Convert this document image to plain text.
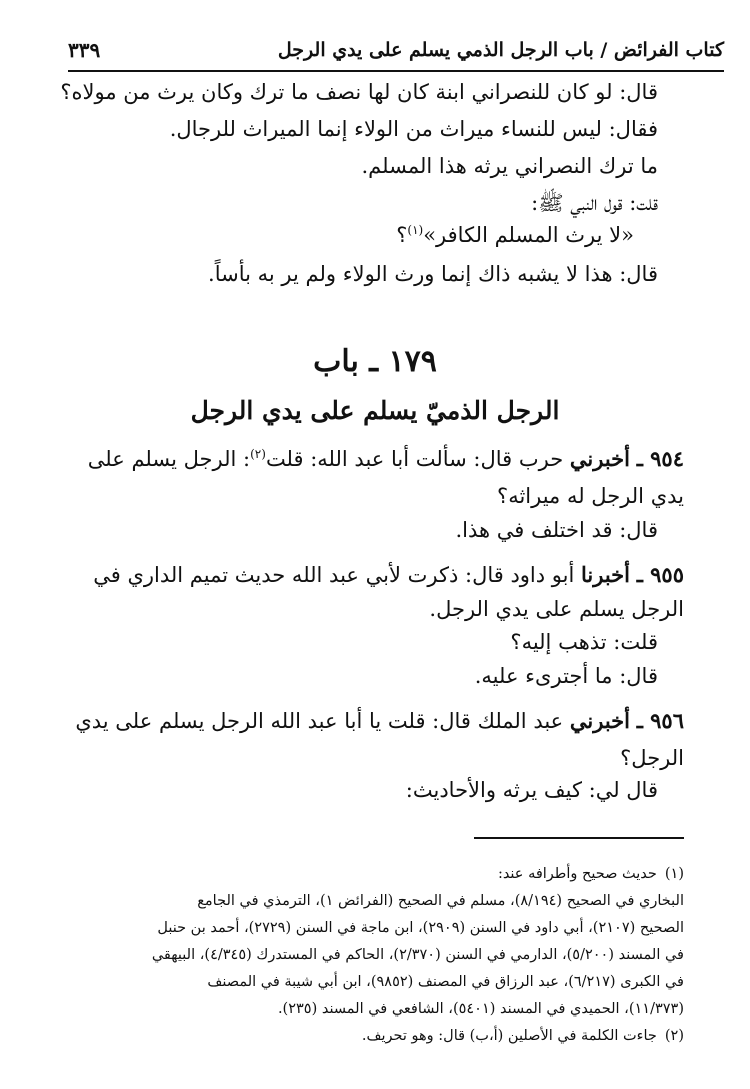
كتاب الفرائض / باب الرجل الذمي يسلم على يدي الرجل
٣٣٩
قال: لو كان للنصراني ابنة كان لها نصف ما ترك وكان يرث من مولاه؟
فقال: ليس للنساء ميراث من الولاء إنما الميراث للرجال.
ما ترك النصراني يرثه هذا المسلم.
قلت: قول النبي ﷺ:
«لا يرث المسلم الكافر»$^{(١)}$؟
قال: هذا لا يشبه ذاك إنما ورث الولاء ولم ير به بأساً.
١٧٩ ـ باب
الرجل الذميّ يسلم على يدي الرجل
٩٥٤ ـ أخبرني حرب قال: سألت أبا عبد الله: قلت$^{(٢)}$: الرجل يسلم على
يدي الرجل له ميراثه؟
قال: قد اختلف في هذا.
٩٥٥ ـ أخبرنا أبو داود قال: ذكرت لأبي عبد الله حديث تميم الداري في
الرجل يسلم على يدي الرجل.
قلت: تذهب إليه؟
قال: ما أجترىء عليه.
٩٥٦ ـ أخبرني عبد الملك قال: قلت يا أبا عبد الله الرجل يسلم على يدي
الرجل؟
قال لي: كيف يرثه والأحاديث:
(١)حديث صحيح وأطرافه عند:
البخاري في الصحيح (٨/١٩٤)، مسلم في الصحيح (الفرائض ١)، الترمذي في الجامع
الصحيح (٢١٠٧)، أبي داود في السنن (٢٩٠٩)، ابن ماجة في السنن (٢٧٢٩)، أحمد بن حنبل
في المسند (٥/٢٠٠)، الدارمي في السنن (٢/٣٧٠)، الحاكم في المستدرك (٤/٣٤٥)، البيهقي
في الكبرى (٦/٢١٧)، عبد الرزاق في المصنف (٩٨٥٢)، ابن أبي شيبة في المصنف
(١١/٣٧٣)، الحميدي في المسند (٥٤٠١)، الشافعي في المسند (٢٣٥).
(٢)جاءت الكلمة في الأصلين (أ،ب) قال: وهو تحريف.
